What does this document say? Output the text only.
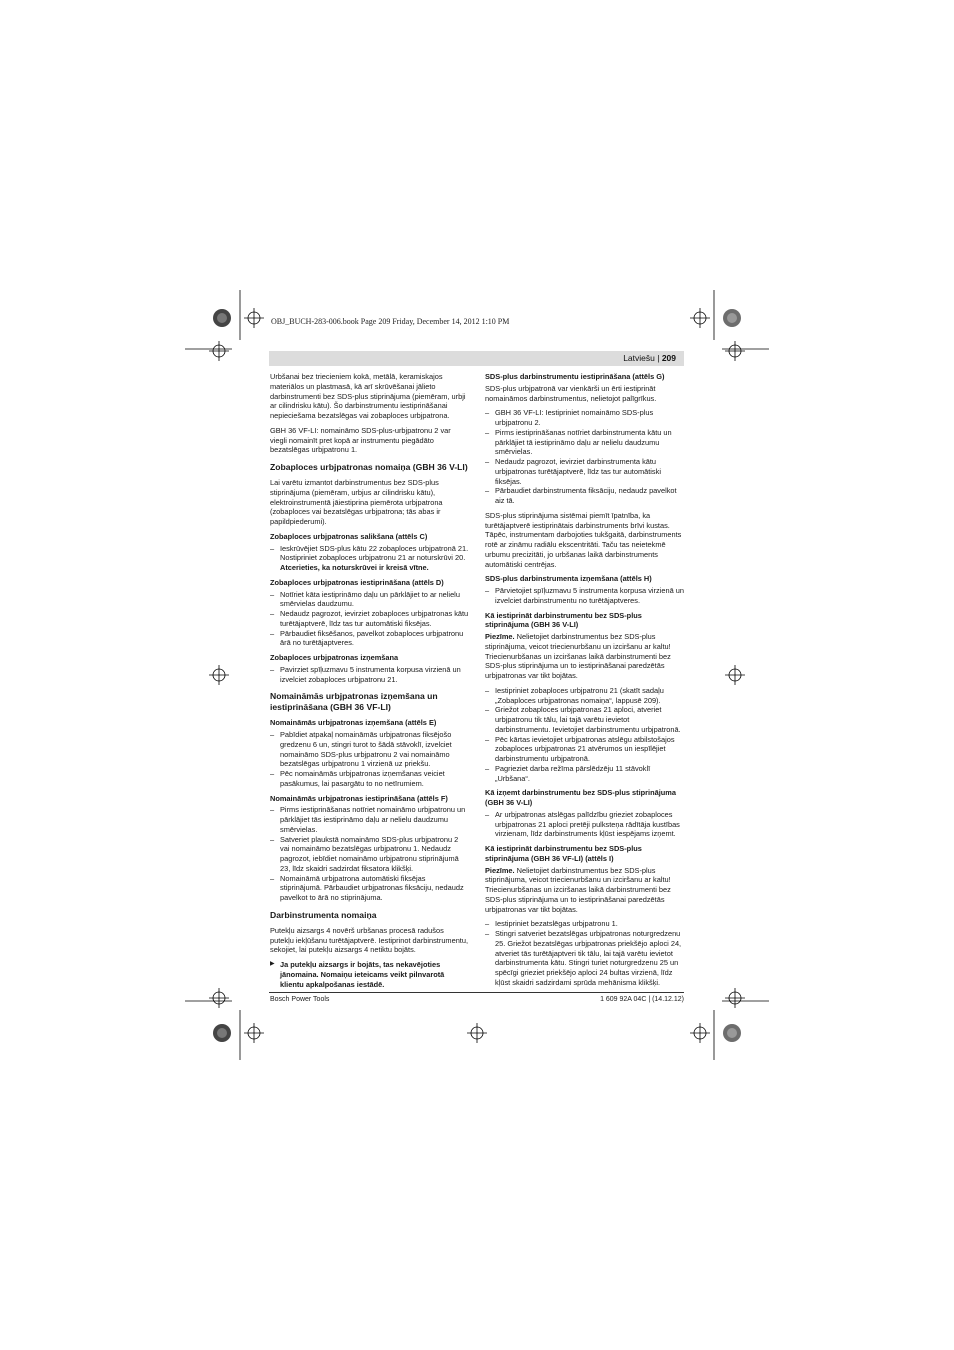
OBJ_BUCH-283-006.book Page 209 Friday, December 14, 2012 1:10 PM
Latviešu | 209

Urbšanai bez triecieniem kokā, metālā, keramiskajos materiālos un plastmasā, kā arī skrūvēšanai jālieto darbinstrumenti bez SDS-plus stiprinājuma (piemēram, urbji ar cilindrisku kātu). Šo darbinstrumentu iestiprināšanai nepieciešama bezatslēgas vai zobaploces urbjpatrona.

GBH 36 VF-LI: nomaināmo SDS-plus-urbjpatronu 2 var viegli nomainīt pret kopā ar instrumentu piegādāto bezatslēgas urbjpatronu 1.

Zobaploces urbjpatronas nomaiņa (GBH 36 V-LI)

Lai varētu izmantot darbinstrumentus bez SDS-plus stiprinājuma (piemēram, urbjus ar cilindrisku kātu), elektroinstrumentā jāiestiprina piemērota urbjpatrona (zobaploces vai bezatslēgas urbjpatrona; tās abas ir papildpiederumi).

Zobaploces urbjpatronas salikšana (attēls C)
– Ieskrūvējiet SDS-plus kātu 22 zobaploces urbjpatronā 21. Nostipriniet zobaploces urbjpatronu 21 ar noturskrūvi 20. Atcerieties, ka noturskrūvei ir kreisā vītne.
Zobaploces urbjpatronas iestiprināšana (attēls D)
– Notīriet kāta iestiprināmo daļu un pārklājiet to ar nelielu smērvielas daudzumu.
– Nedaudz pagrozot, ievirziet zobaploces urbjpatronas kātu turētājaptverē, līdz tas tur automātiski fiksējas.
– Pārbaudiet fiksēšanos, pavelkot zobaploces urbjpatronu ārā no turētājaptveres.
Zobaploces urbjpatronas izņemšana
– Pavirziet spīļuzmavu 5 instrumenta korpusa virzienā un izvelciet zobaploces urbjpatronu 21.
Nomaināmās urbjpatronas izņemšana un iestiprināšana (GBH 36 VF-LI)
Nomaināmās urbjpatronas izņemšana (attēls E)
– Pabīdiet atpakaļ nomaināmās urbjpatronas fiksējošo gredzenu 6 un, stingri turot to šādā stāvoklī, izvelciet nomaināmo SDS-plus urbjpatronu 2 vai nomaināmo bezatslēgas urbjpatronu 1 virzienā uz priekšu.
– Pēc nomaināmās urbjpatronas izņemšanas veiciet pasākumus, lai pasargātu to no netīrumiem.
Nomaināmās urbjpatronas iestiprināšana (attēls F)
– Pirms iestiprināšanas notīriet nomaināmo urbjpatronu un pārklājiet tās iestiprināmo daļu ar nelielu daudzumu smērvielas.
– Satveriet plaukstā nomaināmo SDS-plus urbjpatronu 2 vai nomaināmo bezatslēgas urbjpatronu 1. Nedaudz pagrozot, iebīdiet nomaināmo urbjpatronu stiprinājumā 23, līdz skaidri sadzirdat fiksatora klikšķi.
– Nomaināmā urbjpatrona automātiski fiksējas stiprinājumā. Pārbaudiet urbjpatronas fiksāciju, nedaudz pavelkot to ārā no stiprinājuma.
Darbinstrumenta nomaiņa

Putekļu aizsargs 4 novērš urbšanas procesā radušos putekļu iekļūšanu turētājaptverē. Iestiprinot darbinstrumentu, sekojiet, lai putekļu aizsargs 4 netiktu bojāts.

▶ Ja putekļu aizsargs ir bojāts, tas nekavējoties jānomaina. Nomaiņu ieteicams veikt pilnvarotā klientu apkalpošanas iestādē.
SDS-plus darbinstrumentu iestiprināšana (attēls G)

SDS-plus urbjpatronā var vienkārši un ērti iestiprināt nomaināmos darbinstrumentus, nelietojot palīgrīkus.

– GBH 36 VF-LI: Iestipriniet nomaināmo SDS-plus urbjpatronu 2.
– Pirms iestiprināšanas notīriet darbinstrumenta kātu un pārklājiet tā iestiprināmo daļu ar nelielu daudzumu smērvielas.
– Nedaudz pagrozot, ievirziet darbinstrumenta kātu urbjpatronas turētājaptverē, līdz tas tur automātiski fiksējas.
– Pārbaudiet darbinstrumenta fiksāciju, nedaudz pavelkot aiz tā.

SDS-plus stiprinājuma sistēmai piemīt īpatnība, ka turētājaptverē iestiprinātais darbinstruments brīvi kustas. Tāpēc, instrumentam darbojoties tukšgaitā, darbinstruments rotē ar zināmu radiālu ekscentritāti. Taču tas neietekmē urbumu precizitāti, jo urbšanas laikā darbinstruments automātiski centrējas.

SDS-plus darbinstrumenta izņemšana (attēls H)
– Pārvietojiet spīļuzmavu 5 instrumenta korpusa virzienā un izvelciet darbinstrumentu no turētājaptveres.
Kā iestiprināt darbinstrumentu bez SDS-plus stiprinājuma (GBH 36 V-LI)

Piezīme. Nelietojiet darbinstrumentus bez SDS-plus stiprinājuma, veicot triecienurbšanu un izciršanu ar kaltu! Triecienurbšanas un izciršanas laikā darbinstrumenti bez SDS-plus stiprinājuma un to iestiprināšanai paredzētās urbjpatronas var tikt bojātas.

– Iestipriniet zobaploces urbjpatronu 21 (skatīt sadaļu „Zobaploces urbjpatronas nomaiņa“, lappusē 209).
– Griežot zobaploces urbjpatronas 21 aploci, atveriet urbjpatronu tik tālu, lai tajā varētu ievietot darbinstrumentu. Ievietojiet darbinstrumentu urbjpatronā.
– Pēc kārtas ievietojiet urbjpatronas atslēgu atbilstošajos zobaploces urbjpatronas 21 atvērumos un iespīlējiet darbinstrumentu urbjpatronā.
– Pagrieziet darba režīma pārslēdzēju 11 stāvoklī „Urbšana“.
Kā izņemt darbinstrumentu bez SDS-plus stiprinājuma (GBH 36 V-LI)
– Ar urbjpatronas atslēgas palīdzību grieziet zobaploces urbjpatronas 21 aploci pretēji pulksteņa rādītāja kustības virzienam, līdz darbinstruments kļūst iespējams izņemt.
Kā iestiprināt darbinstrumentu bez SDS-plus stiprinājuma (GBH 36 VF-LI) (attēls I)

Piezīme. Nelietojiet darbinstrumentus bez SDS-plus stiprinājuma, veicot triecienurbšanu un izciršanu ar kaltu! Triecienurbšanas un izciršanas laikā darbinstrumenti bez SDS-plus stiprinājuma un to iestiprināšanai paredzētās urbjpatronas var tikt bojātas.

– Iestipriniet bezatslēgas urbjpatronu 1.
– Stingri satveriet bezatslēgas urbjpatronas noturgredzenu 25. Griežot bezatslēgas urbjpatronas priekšējo aploci 24, atveriet tās turētājaptveri tik tālu, lai tajā varētu ievietot darbinstrumenta kātu. Stingri turiet noturgredzenu 25 un spēcīgi grieziet priekšējo aploci 24 bultas virzienā, līdz kļūst skaidri sadzirdami sprūda mehānisma klikšķi.
Bosch Power Tools	1 609 92A 04C | (14.12.12)
